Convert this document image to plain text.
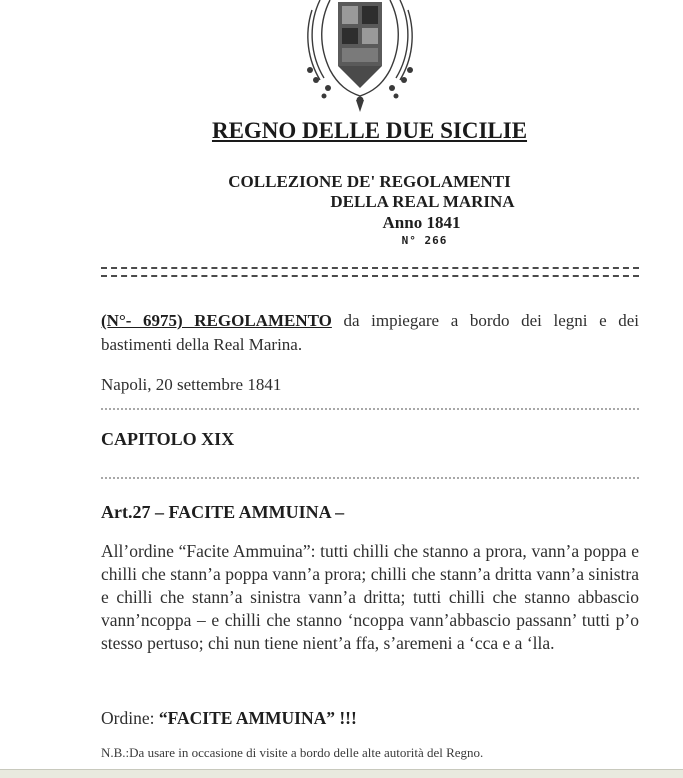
REGNO DELLE DUE SICILIE
COLLEZIONE DE' REGOLAMENTI
DELLA REAL MARINA
Anno 1841
N° 266
(N°- 6975) REGOLAMENTO da impiegare a bordo dei legni e dei bastimenti della Real Marina.
Napoli, 20 settembre 1841
CAPITOLO XIX
Art.27 – FACITE AMMUINA –
All’ordine “Facite Ammuina”: tutti chilli che stanno a prora, vann’a poppa e chilli che stann’a poppa vann’a prora; chilli che stann’a dritta vann’a sinistra e chilli che stann’a sinistra vann’a dritta; tutti chilli che stanno abbascio vann’ncoppa – e chilli che stanno ‘ncoppa vann’abbascio passann’ tutti p’o stesso pertuso; chi nun tiene nient’a ffa, s’aremeni a ‘cca e a ‘lla.
Ordine: “FACITE AMMUINA” !!!
N.B.:Da usare in occasione di visite a bordo delle alte autorità del Regno.
